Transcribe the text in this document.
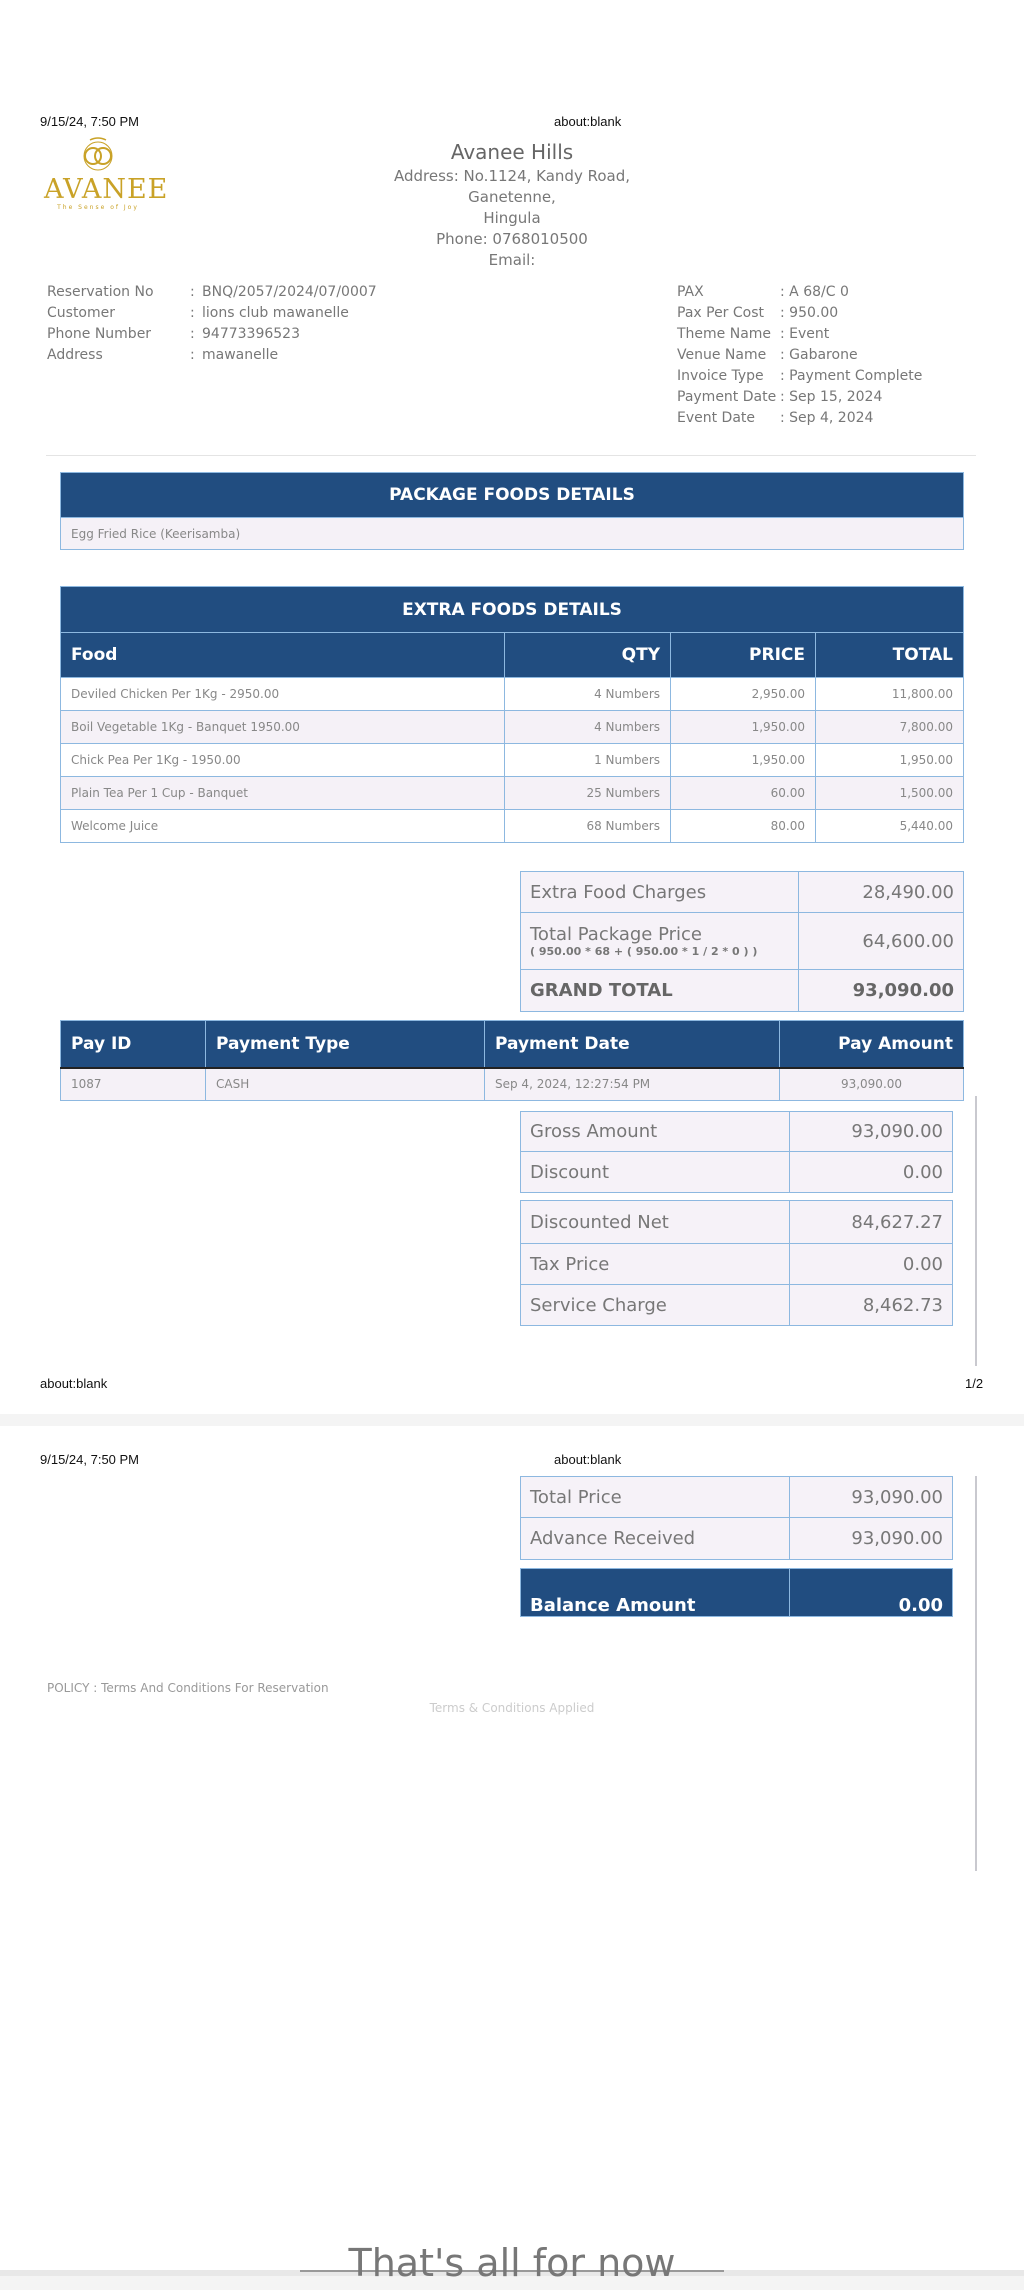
9/15/24, 7:50 PM	about:blank
AVANEE
The Sense of Joy
Avanee Hills
Address: No.1124, Kandy Road, Ganetenne,
Hingula
Phone: 0768010500
Email:
Reservation No	:	BNQ/2057/2024/07/0007
Customer	:	lions club mawanelle
Phone Number	:	94773396523
Address	:	mawanelle
PAX	: A 68/C 0
Pax Per Cost	: 950.00
Theme Name	: Event
Venue Name	: Gabarone
Invoice Type	: Payment Complete
Payment Date	: Sep 15, 2024
Event Date	: Sep 4, 2024
PACKAGE FOODS DETAILS
Egg Fried Rice (Keerisamba)
EXTRA FOODS DETAILS			
Food	QTY	PRICE	TOTAL
Deviled Chicken Per 1Kg - 2950.00	4 Numbers	2,950.00	11,800.00
Boil Vegetable 1Kg - Banquet 1950.00	4 Numbers	1,950.00	7,800.00
Chick Pea Per 1Kg - 1950.00	1 Numbers	1,950.00	1,950.00
Plain Tea Per 1 Cup - Banquet	25 Numbers	60.00	1,500.00
Welcome Juice	68 Numbers	80.00	5,440.00
Extra Food Charges	28,490.00
Total Package Price
( 950.00 * 68 + ( 950.00 * 1 / 2 * 0 ) )	64,600.00
GRAND TOTAL	93,090.00
Pay ID	Payment Type	Payment Date	Pay Amount
1087	CASH	Sep 4, 2024, 12:27:54 PM	93,090.00
Gross Amount	93,090.00
Discount	0.00
Discounted Net	84,627.27
Tax Price	0.00
Service Charge	8,462.73
about:blank	1/2
9/15/24, 7:50 PM	about:blank
Total Price	93,090.00
Advance Received	93,090.00
Balance Amount	0.00
POLICY : Terms And Conditions For Reservation
Terms & Conditions Applied
That's all for now
